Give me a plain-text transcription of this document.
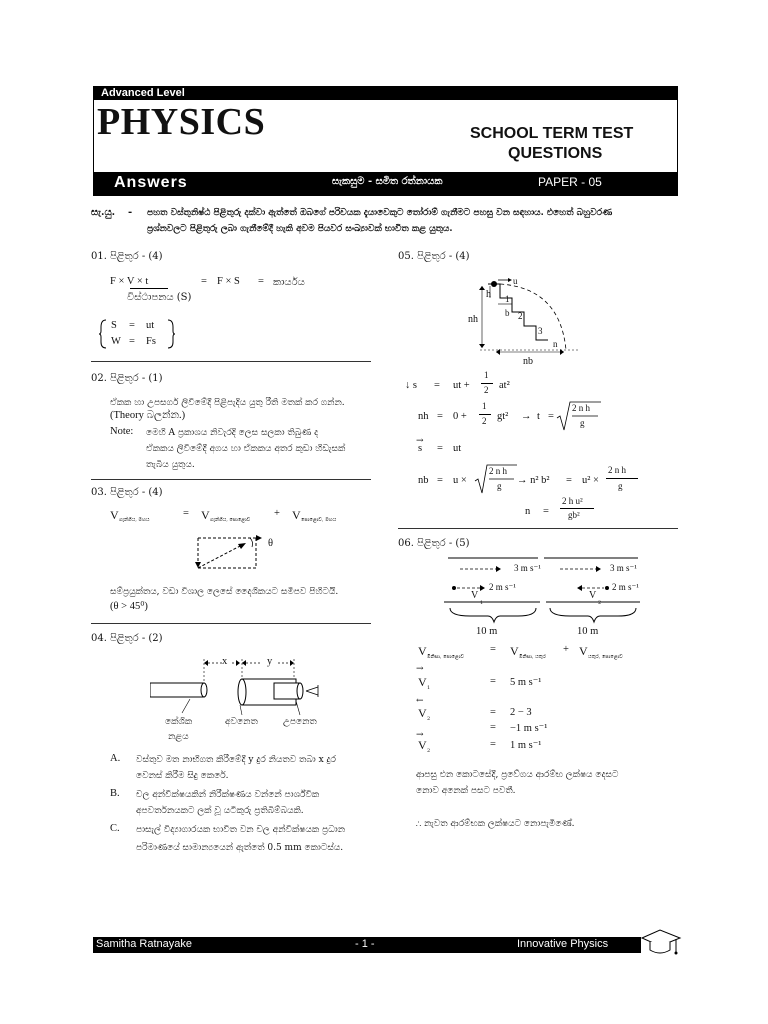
Advanced Level
PHYSICS	SCHOOL TERM TEST
QUESTIONS
Answers	සැකසුම - සමිත රත්නායක	PAPER - 05
සැ.යු. - පහත වස්තුනිෂ්ඨ පිළිතුරු දක්වා ඇත්තේ ඔබගේ පරිචයක දැයාවෙකුට තෝරාම් ගැනීමට පහසු වන සඳහාය. එහෙත් බහුවරණ
ප්‍රශ්නවලට පිළිතුරු ලබා ගැනීමේදී හැකි අවම පියවර සංඛ්‍යාවක් භාවිත කළ යුතුය.
01. පිළිතුර - (4)
F × V × t	= F × S = කාර්යය
විස්ථාපනය (S)
S = ut
W = Fs
02. පිළිතුර - (1)
ඒකක හා උපසර්ග ලිවීමේදී පිළිපැදිය යුතු රීති මතක් කර ගන්න.
(Theory බලන්න.)
Note: මෙහි A ප්‍රකාශය නිවැරදි ලෙස සලකා තිබුණ ද
ඒකකය ලිවීමේදී අගය හා ඒකකය අතර කුඩා හිඩැසක්
තැබිය යුතුය.
03. පිළිතුර - (4)
V ගැන්ගිය, මහය
= V ගැන්ගිය, පොළොව
+ V පොළොව, මහය
θ
සම්ප්‍රයුක්තය, වඩා විශාල ලෙසේ දෛශිකයට සමීපව පිහිටයි.
(θ > 45⁰)
04. පිළිතුර - (2)
x	y
කේශික
නළය
අවනෙත	උපනෙත
A. වස්තුව මත නාභිගත කිරීමේදී y දුර නියතව තබා x දුර
වෙනස් කිරීම සිදු කෙරේ.
B. චල අන්වීක්ෂයකින් නිරීක්ෂණය වන්නේ පාර්ශ්වික
අපවර්තනයකට ලක් වූ යටිකුරු ප්‍රතිබිම්බයකි.
C. පාසැල් විද්‍යාගාරයක භාවිත වන චල අන්වීක්ෂයක ප්‍රධාන
පරිමාණයේ සාමාන්‍යයෙන් ඇත්තේ 0.5 mm කොටස්ය.
05. පිළිතුර - (4)
u
h 1
b 2
3
nh
n
nb
↓ s = ut +
1
2 at²
nh = 0 +
1
2 gt² → t =
2 n h
g
→
s = ut
nb = u ×
2 n h
g → n² b² = u² ×
2 n h
g
n =
2 h u²
gb²
06. පිළිතුර - (5)
3 m s⁻¹	3 m s⁻¹
2 m s⁻¹	2 m s⁻¹
V
1
V
2
10 m	10 m
V මිනිසා, පොළොව
= V මිනිසා, යතුර
+ V යතුර, පොළොව
→
V 1
= 5 m s⁻¹
←
V 2
= 2 − 3
= −1 m s⁻¹
→
V 2
= 1 m s⁻¹
ආපසු එන කොටසේදී, ප්‍රවේගය ආරම්භ ලක්ෂය දෙසට
නොව අනෙක් පසට පවතී.
∴ නැවත ආරම්භක ලක්ෂයට නොපැමිණේ.
Samitha Ratnayake	- 1 -	Innovative Physics
